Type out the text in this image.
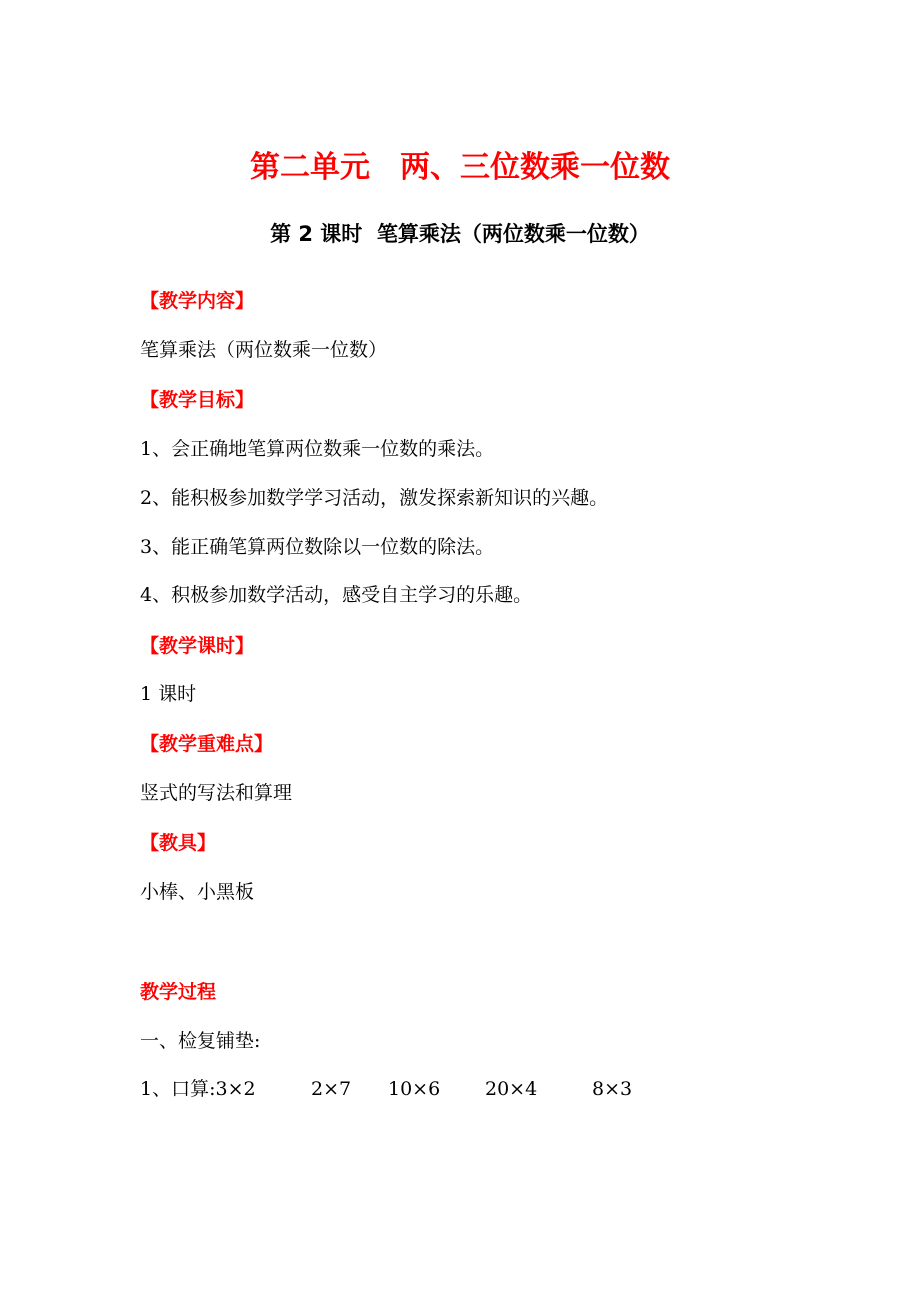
第二单元　两、三位数乘一位数
第 2 课时  笔算乘法（两位数乘一位数）
【教学内容】
笔算乘法（两位数乘一位数）
【教学目标】
1、会正确地笔算两位数乘一位数的乘法。
2、能积极参加数学学习活动，激发探索新知识的兴趣。
3、能正确笔算两位数除以一位数的除法。
4、积极参加数学活动，感受自主学习的乐趣。
【教学课时】
1 课时
【教学重难点】
竖式的写法和算理
【教具】
小棒、小黑板
教学过程
一、检复铺垫:

1、口算:3×2

	2×7

10×6

20×4

	8×3
